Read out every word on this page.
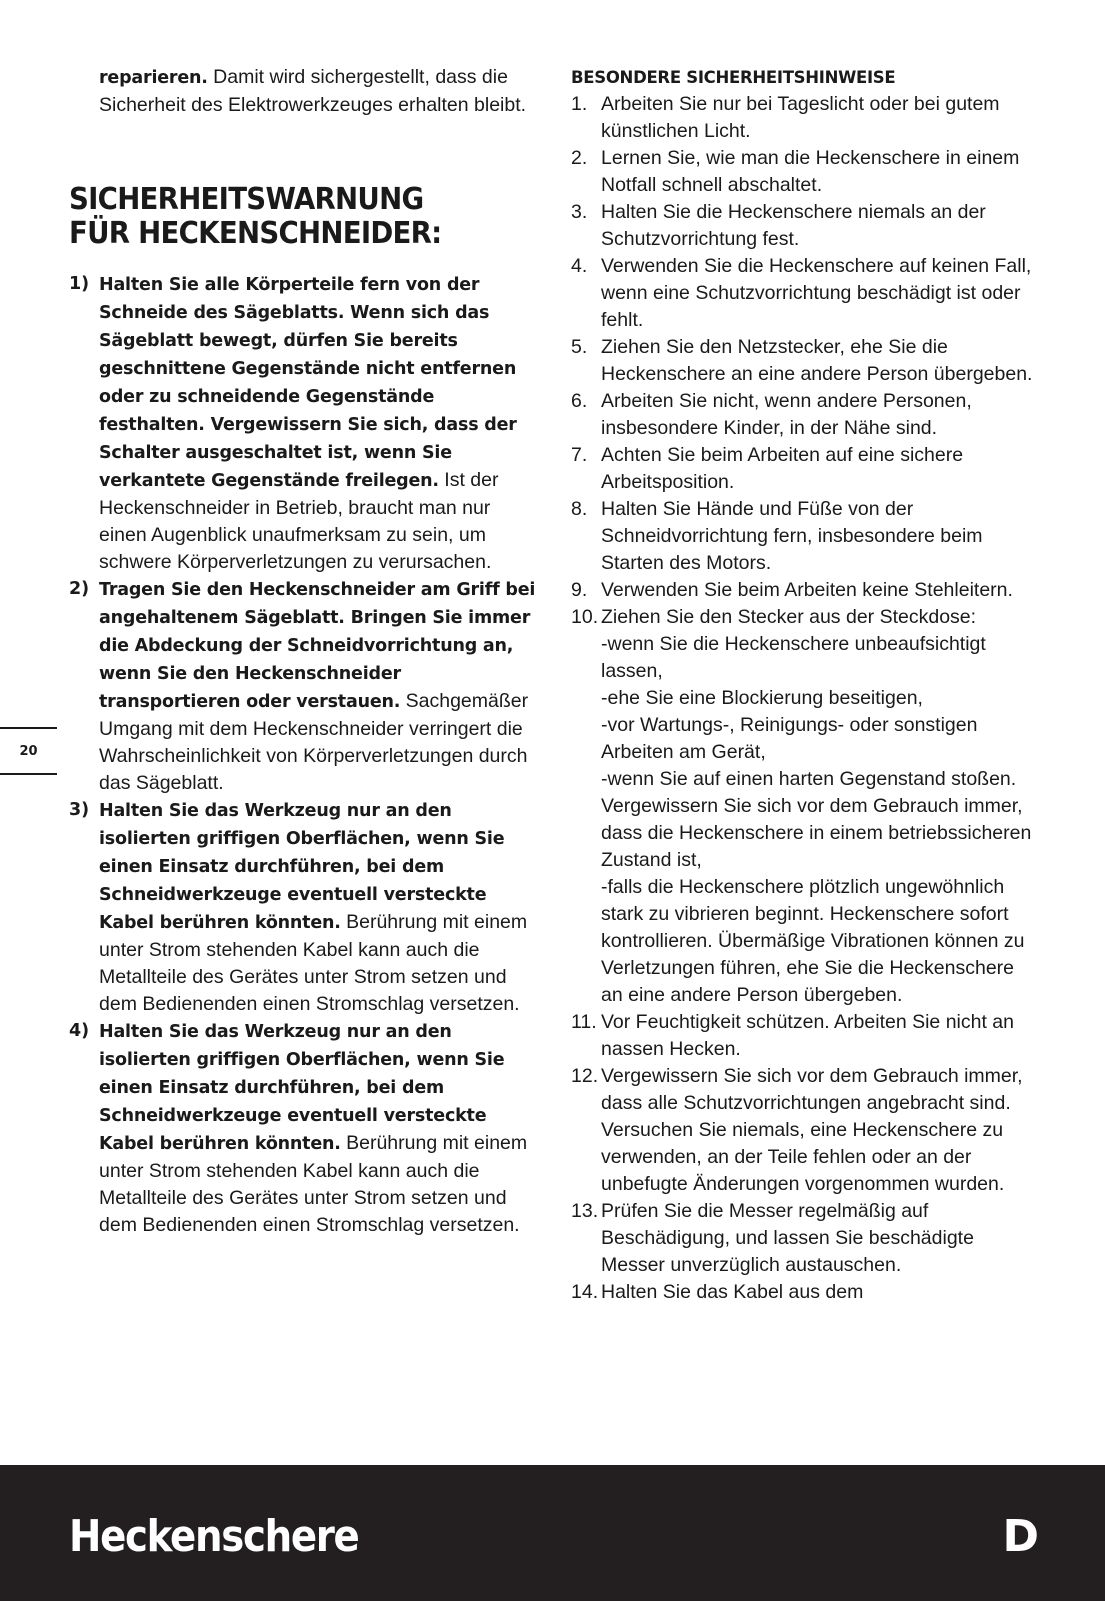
reparieren. Damit wird sichergestellt, dass die Sicherheit des Elektrowerkzeuges erhalten bleibt.

SICHERHEITSWARNUNG
FÜR HECKENSCHNEIDER:
1) Halten Sie alle Körperteile fern von der Schneide des Sägeblatts. Wenn sich das Sägeblatt bewegt, dürfen Sie bereits geschnittene Gegenstände nicht entfernen oder zu schneidende Gegenstände festhalten. Vergewissern Sie sich, dass der Schalter ausgeschaltet ist, wenn Sie verkantete Gegenstände freilegen. Ist der Heckenschneider in Betrieb, braucht man nur einen Augenblick unaufmerksam zu sein, um schwere Körperverletzungen zu verursachen.

2) Tragen Sie den Heckenschneider am Griff bei angehaltenem Sägeblatt. Bringen Sie immer die Abdeckung der Schneidvorrichtung an, wenn Sie den Heckenschneider transportieren oder verstauen. Sachgemäßer Umgang mit dem Heckenschneider verringert die Wahrscheinlichkeit von Körperverletzungen durch das Sägeblatt.

3) Halten Sie das Werkzeug nur an den isolierten griffigen Oberflächen, wenn Sie einen Einsatz durchführen, bei dem Schneidwerkzeuge eventuell versteckte Kabel berühren könnten. Berührung mit einem unter Strom stehenden Kabel kann auch die Metallteile des Gerätes unter Strom setzen und dem Bedienenden einen Stromschlag versetzen.

4) Halten Sie das Werkzeug nur an den isolierten griffigen Oberflächen, wenn Sie einen Einsatz durchführen, bei dem Schneidwerkzeuge eventuell versteckte Kabel berühren könnten. Berührung mit einem unter Strom stehenden Kabel kann auch die Metallteile des Gerätes unter Strom setzen und dem Bedienenden einen Stromschlag versetzen.

BESONDERE SICHERHEITSHINWEISE

1. Arbeiten Sie nur bei Tageslicht oder bei gutem künstlichen Licht.
2. Lernen Sie, wie man die Heckenschere in einem Notfall schnell abschaltet.
3. Halten Sie die Heckenschere niemals an der Schutzvorrichtung fest.
4. Verwenden Sie die Heckenschere auf keinen Fall, wenn eine Schutzvorrichtung beschädigt ist oder fehlt.
5. Ziehen Sie den Netzstecker, ehe Sie die Heckenschere an eine andere Person übergeben.
6. Arbeiten Sie nicht, wenn andere Personen, insbesondere Kinder, in der Nähe sind.
7. Achten Sie beim Arbeiten auf eine sichere Arbeitsposition.
8. Halten Sie Hände und Füße von der Schneidvorrichtung fern, insbesondere beim Starten des Motors.
9. Verwenden Sie beim Arbeiten keine Stehleitern.
10. Ziehen Sie den Stecker aus der Steckdose:
-wenn Sie die Heckenschere unbeaufsichtigt lassen,
-ehe Sie eine Blockierung beseitigen,
-vor Wartungs-, Reinigungs- oder sonstigen Arbeiten am Gerät,
-wenn Sie auf einen harten Gegenstand stoßen. Vergewissern Sie sich vor dem Gebrauch immer, dass die Heckenschere in einem betriebssicheren Zustand ist,
-falls die Heckenschere plötzlich ungewöhnlich stark zu vibrieren beginnt. Heckenschere sofort kontrollieren. Übermäßige Vibrationen können zu Verletzungen führen, ehe Sie die Heckenschere an eine andere Person übergeben.
11. Vor Feuchtigkeit schützen. Arbeiten Sie nicht an nassen Hecken.
12. Vergewissern Sie sich vor dem Gebrauch immer, dass alle Schutzvorrichtungen angebracht sind. Versuchen Sie niemals, eine Heckenschere zu verwenden, an der Teile fehlen oder an der unbefugte Änderungen vorgenommen wurden.
13. Prüfen Sie die Messer regelmäßig auf Beschädigung, und lassen Sie beschädigte Messer unverzüglich austauschen.
14. Halten Sie das Kabel aus dem
20
Heckenschere	D
